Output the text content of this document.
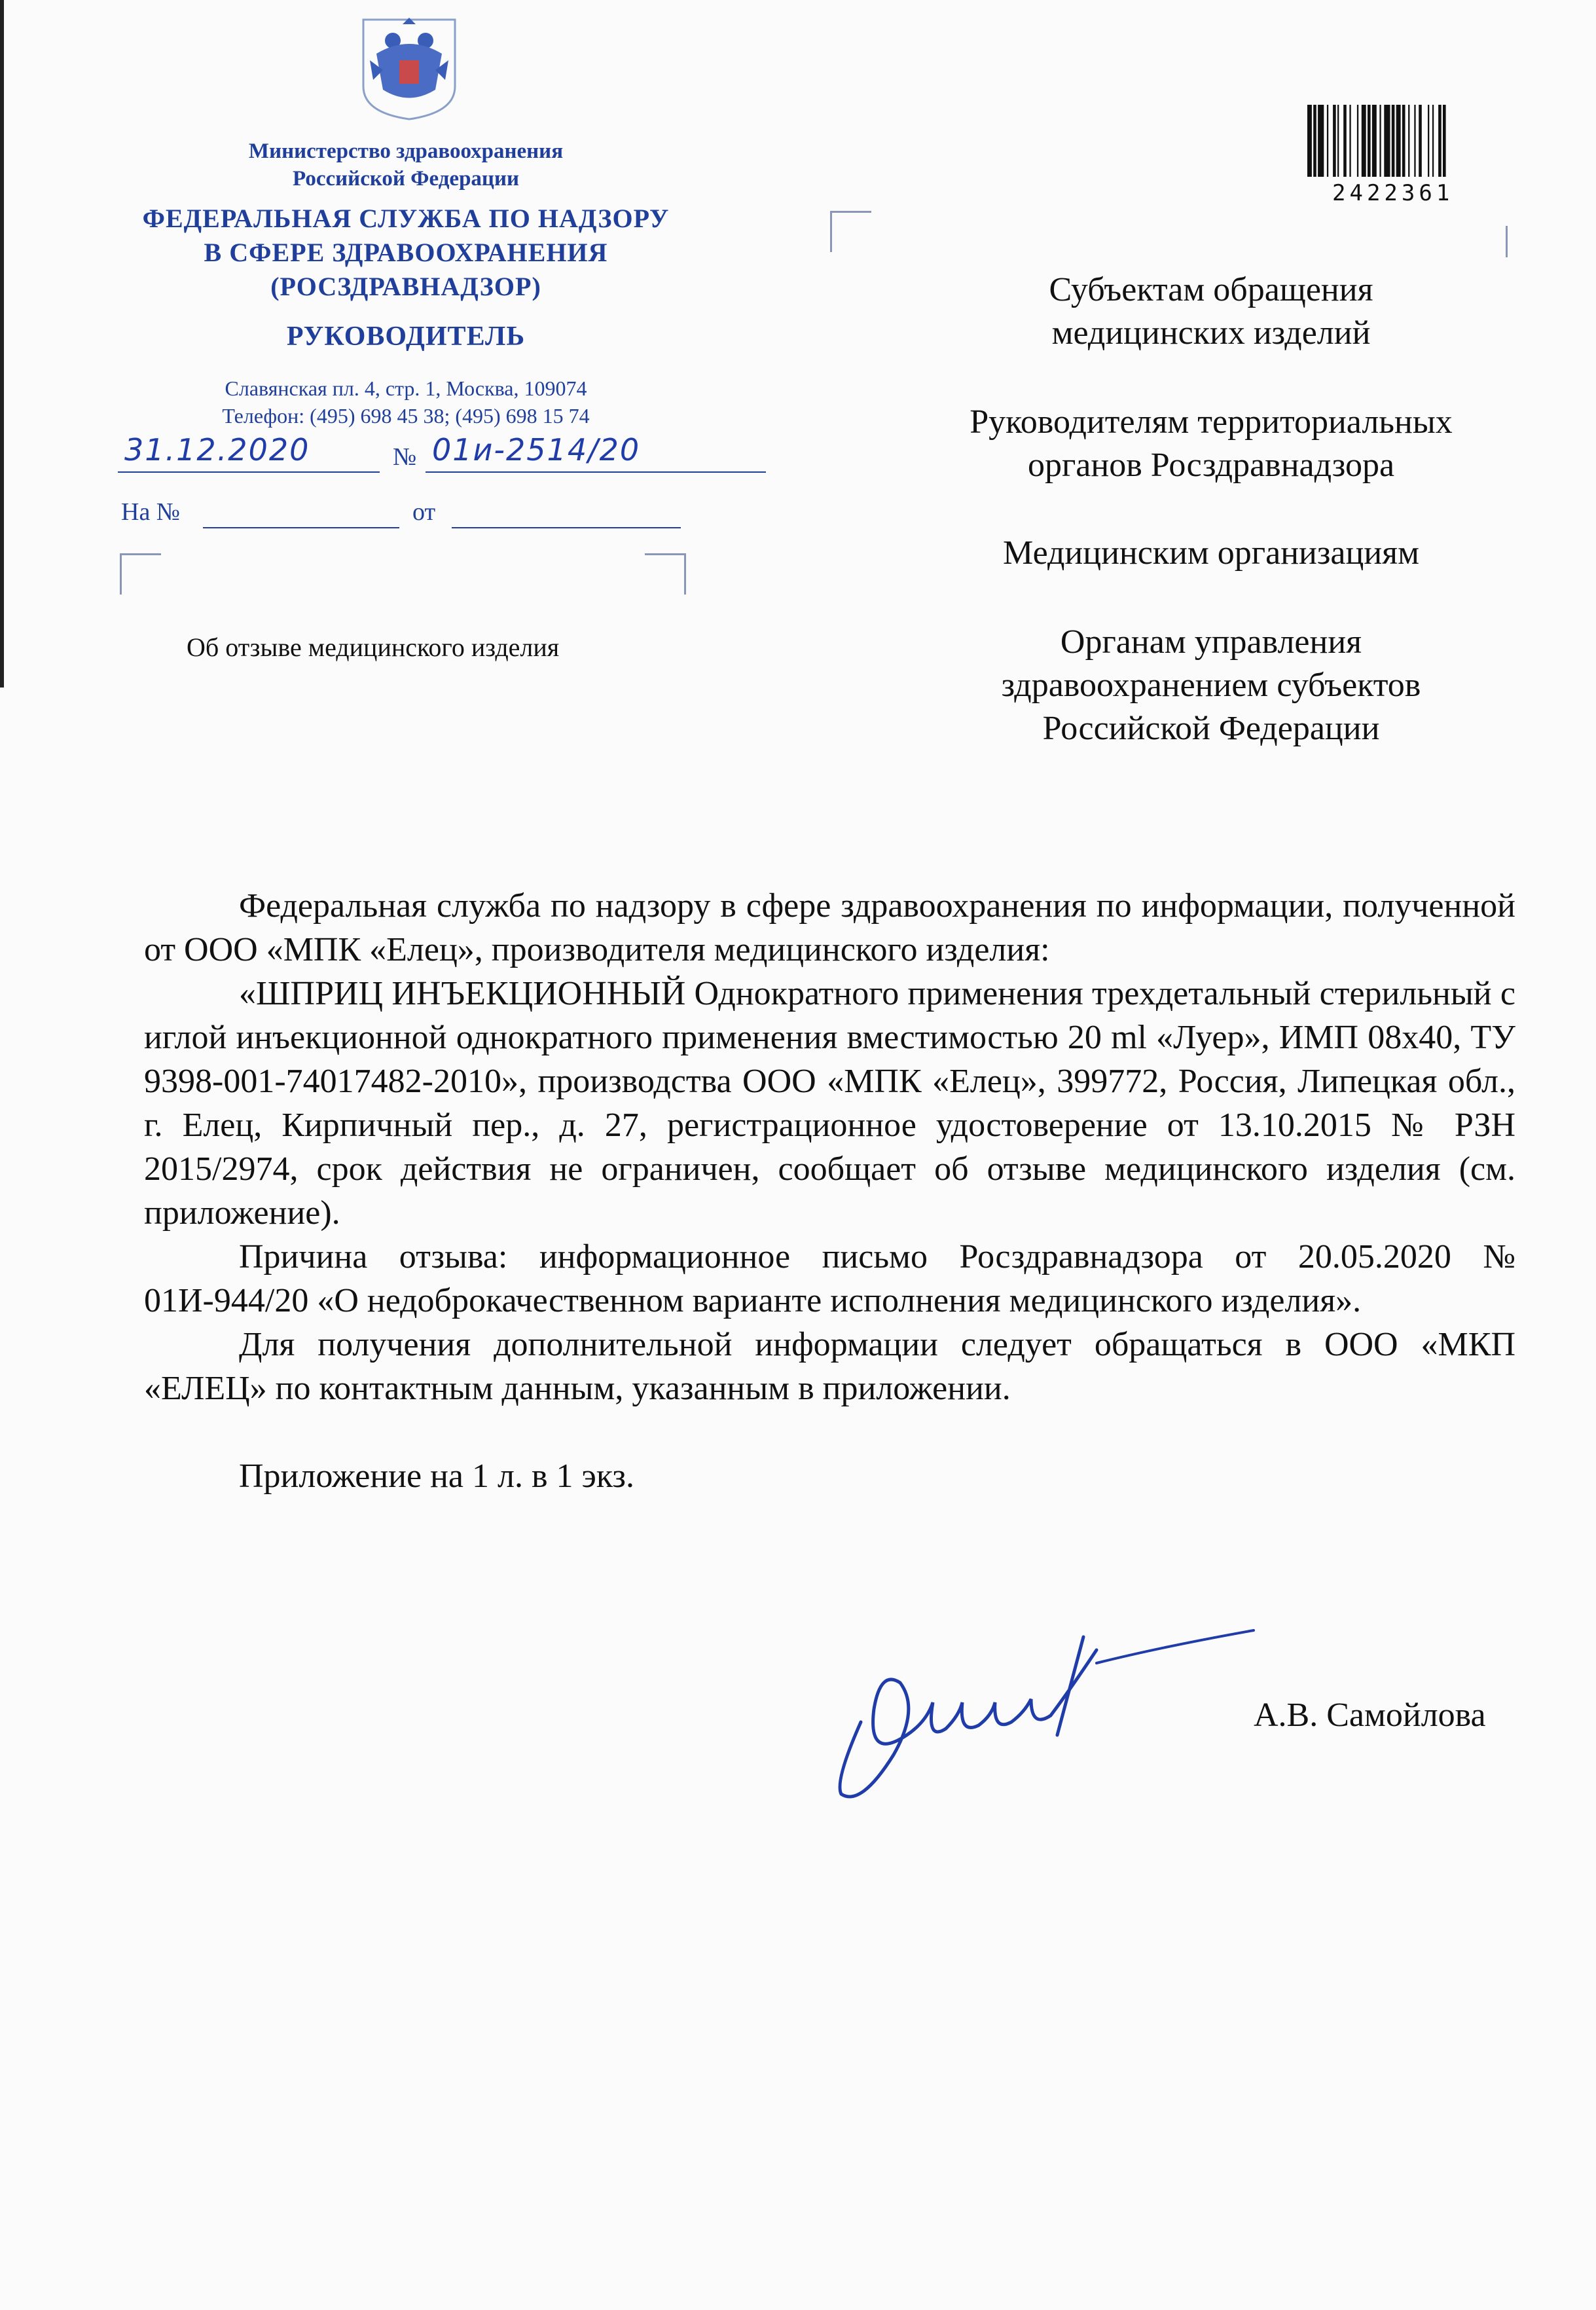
Министерство здравоохранения
Российской Федерации
ФЕДЕРАЛЬНАЯ СЛУЖБА ПО НАДЗОРУ
В СФЕРЕ ЗДРАВООХРАНЕНИЯ
(РОСЗДРАВНАДЗОР)
РУКОВОДИТЕЛЬ
Славянская пл. 4, стр. 1, Москва, 109074
Телефон: (495) 698 45 38; (495) 698 15 74
31.12.2020	№ 01и-2514/20
На №	от
Об отзыве медицинского изделия
2422361
Субъектам обращения
медицинских изделий
Руководителям территориальных
органов Росздравнадзора
Медицинским организациям
Органам управления
здравоохранением субъектов
Российской Федерации
Федеральная служба по надзору в сфере здравоохранения по информации, полученной от ООО «МПК «Елец», производителя медицинского изделия:
«ШПРИЦ ИНЪЕКЦИОННЫЙ Однократного применения трехдетальный стерильный с иглой инъекционной однократного применения вместимостью 20 ml «Луер», ИМП 08х40, ТУ 9398-001-74017482-2010», производства ООО «МПК «Елец», 399772, Россия, Липецкая обл., г. Елец, Кирпичный пер., д. 27, регистрационное удостоверение от 13.10.2015 № РЗН 2015/2974, срок действия не ограничен, сообщает об отзыве медицинского изделия (см. приложение).
Причина отзыва: информационное письмо Росздравнадзора от 20.05.2020 № 01И-944/20 «О недоброкачественном варианте исполнения медицинского изделия».
Для получения дополнительной информации следует обращаться в ООО «МКП «ЕЛЕЦ» по контактным данным, указанным в приложении.
Приложение на 1 л. в 1 экз.
А.В. Самойлова
